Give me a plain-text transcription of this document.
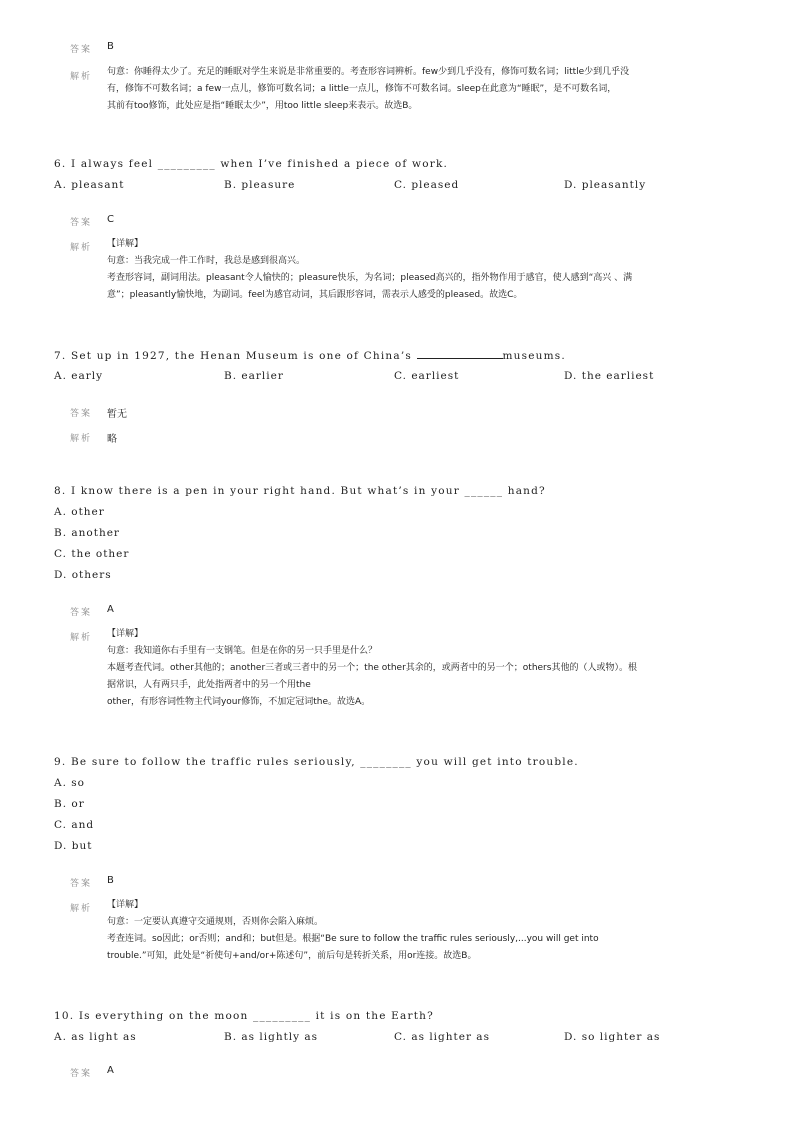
答案 B
解析 句意：你睡得太少了。充足的睡眠对学生来说是非常重要的。考查形容词辨析。few少到几乎没有，修饰可数名词；little少到几乎没
有，修饰不可数名词；a few一点儿，修饰可数名词；a little一点儿，修饰不可数名词。sleep在此意为“睡眠”，是不可数名词，
其前有too修饰，此处应是指“睡眠太少”，用too little sleep来表示。故选B。
6. I always feel _________ when I’ve finished a piece of work.
A. pleasant	B. pleasure	C. pleased	D. pleasantly
答案 C
解析 【详解】
句意：当我完成一件工作时，我总是感到很高兴。
考查形容词，副词用法。pleasant令人愉快的；pleasure快乐，为名词；pleased高兴的，指外物作用于感官，使人感到“高兴 、满
意”；pleasantly愉快地，为副词。feel为感官动词，其后跟形容词，需表示人感受的pleased。故选C。
7. Set up in 1927, the Henan Museum is one of China’s	museums.
A. early	B. earlier	C. earliest	D. the earliest
答案 暂无
解析 略
8. I know there is a pen in your right hand. But what’s in your ______ hand?
A. other
B. another
C. the other
D. others
答案 A
解析 【详解】
句意：我知道你右手里有一支钢笔。但是在你的另一只手里是什么？
本题考查代词。other其他的；another三者或三者中的另一个；the other其余的，或两者中的另一个；others其他的（人或物）。根
据常识，人有两只手，此处指两者中的另一个用the
other，有形容词性物主代词your修饰，不加定冠词the。故选A。
9. Be sure to follow the traffic rules seriously, ________ you will get into trouble.
A. so
B. or
C. and
D. but
答案 B
解析 【详解】
句意：一定要认真遵守交通规则，否则你会陷入麻烦。
考查连词。so因此；or否则；and和；but但是。根据“Be sure to follow the traffic rules seriously,...you will get into
trouble.”可知，此处是“祈使句+and/or+陈述句”，前后句是转折关系，用or连接。故选B。
10. Is everything on the moon _________ it is on the Earth?
A. as light as	B. as lightly as	C. as lighter as	D. so lighter as
答案 A
